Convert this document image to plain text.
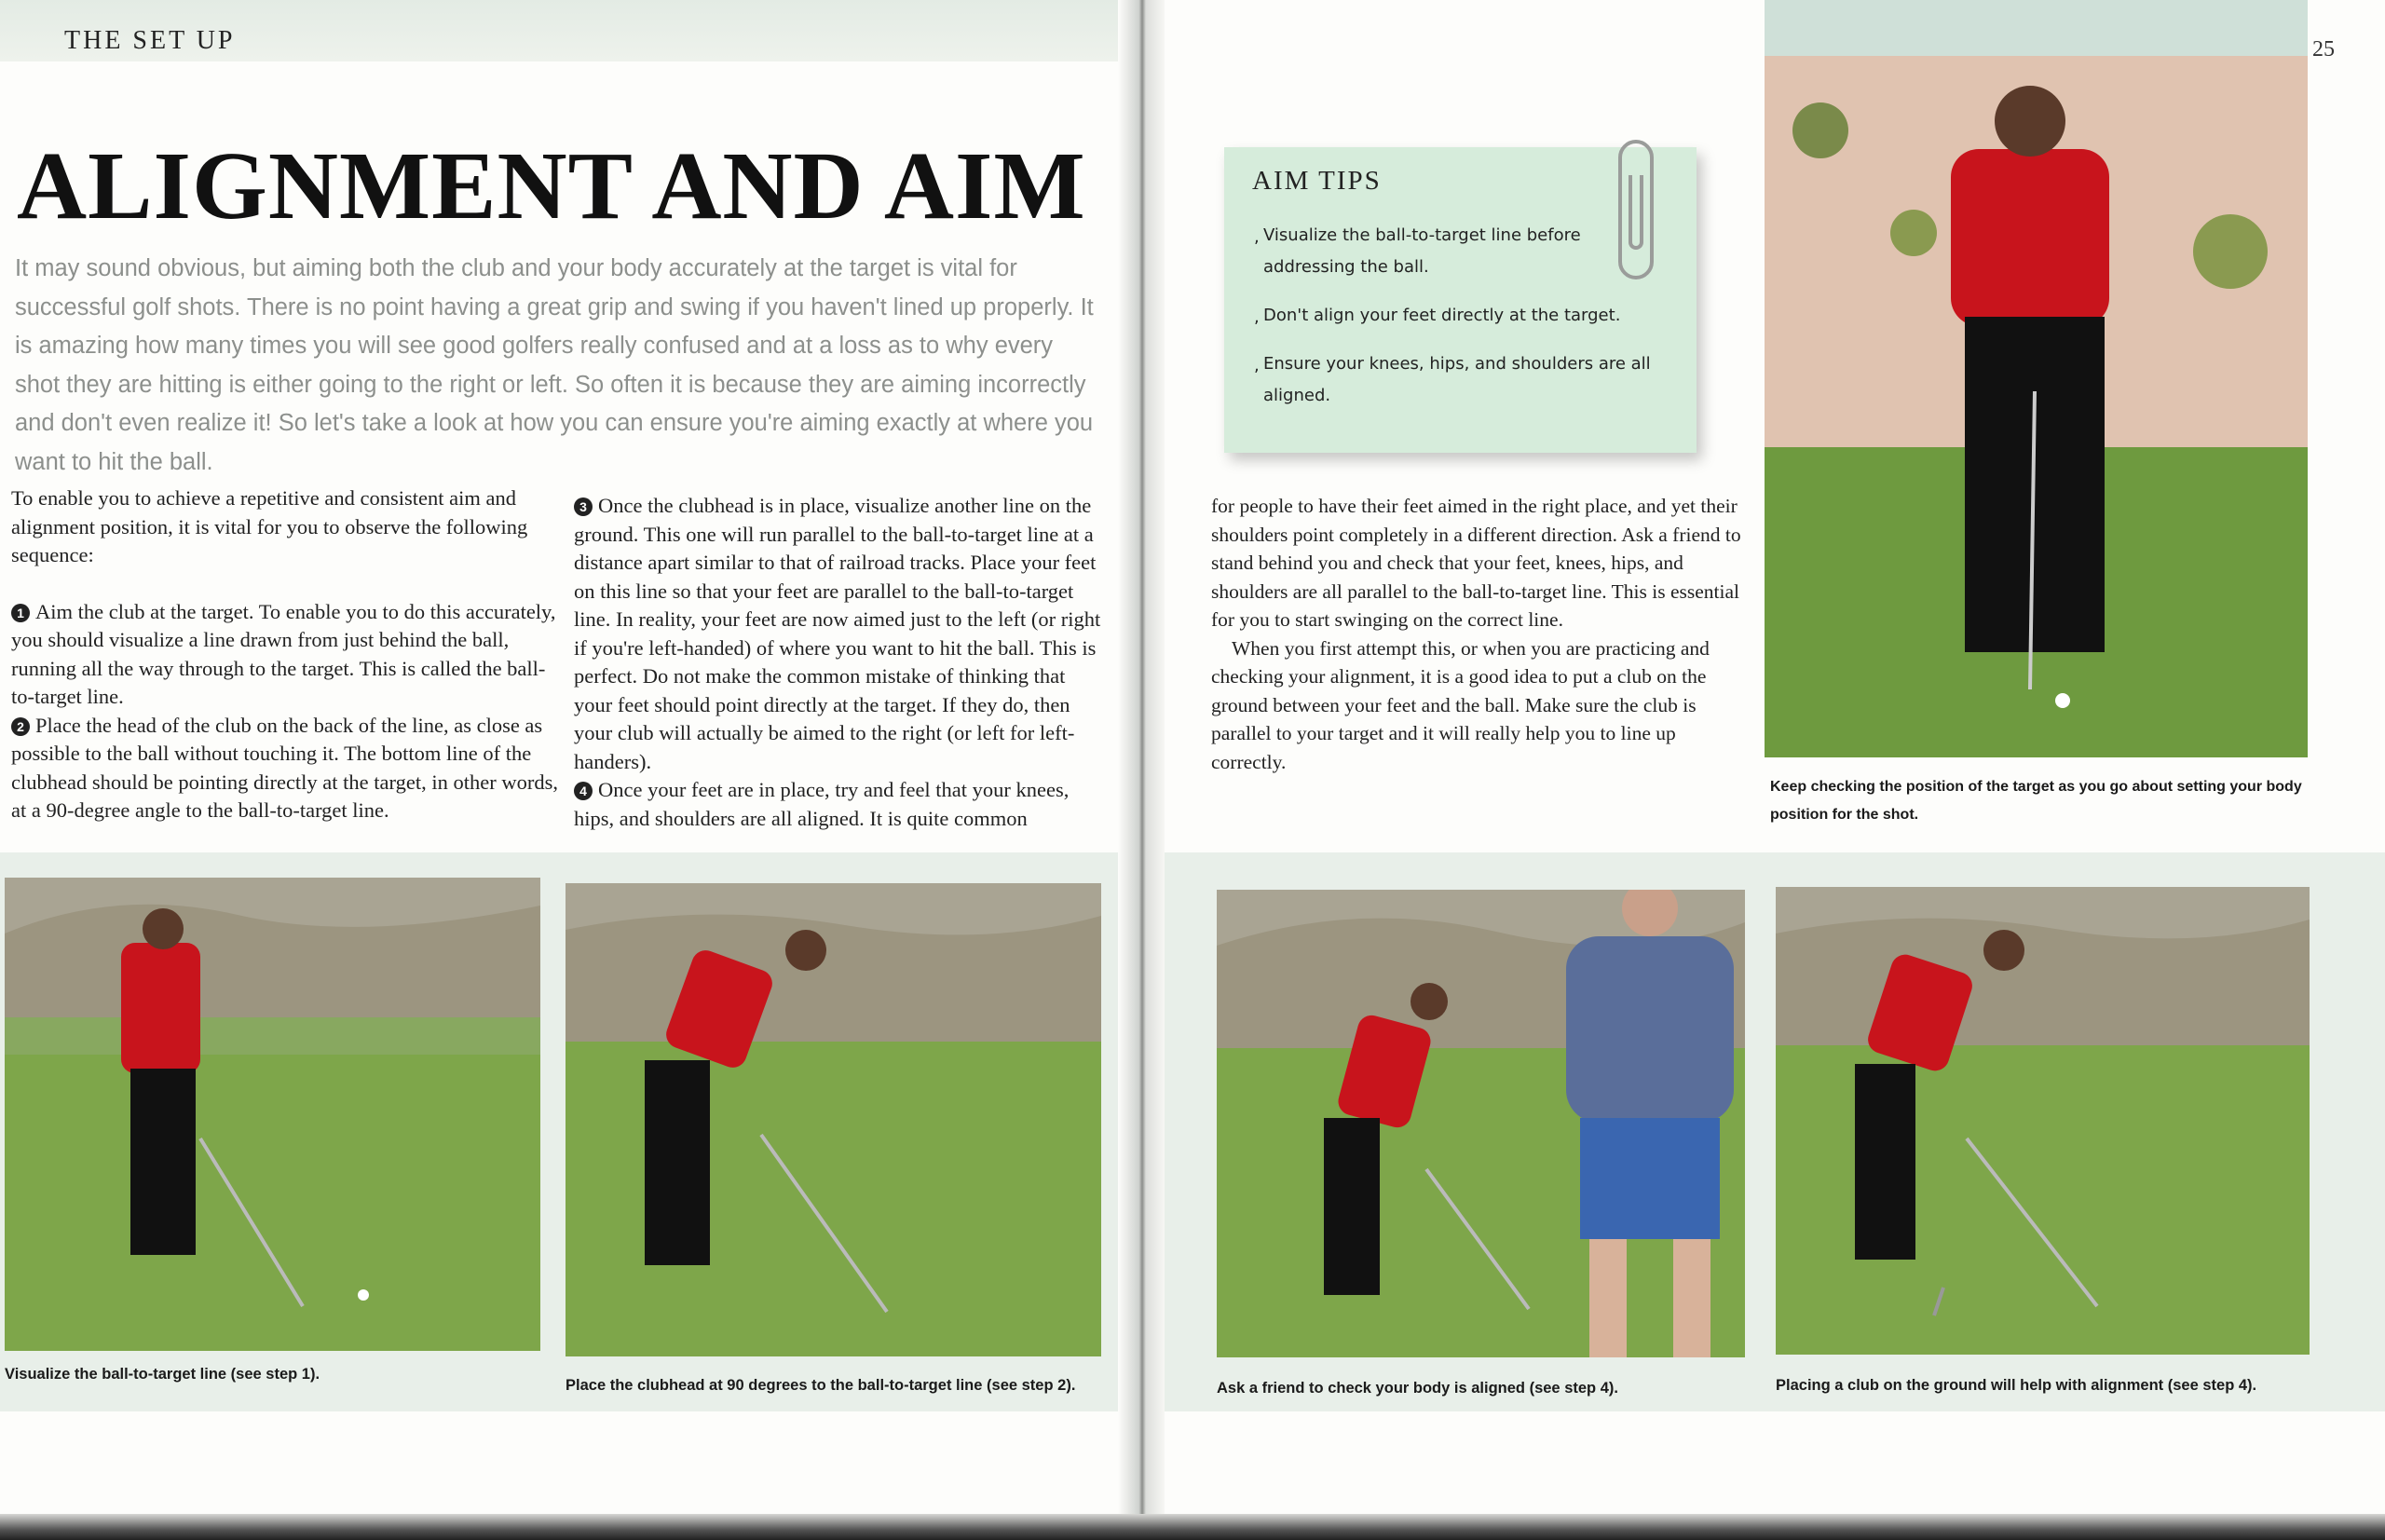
THE SET UP
ALIGNMENT AND AIM

It may sound obvious, but aiming both the club and your body accurately at the target is vital for successful golf shots. There is no point having a great grip and swing if you haven't lined up properly. It is amazing how many times you will see good golfers really confused and at a loss as to why every shot they are hitting is either going to the right or left. So often it is because they are aiming incorrectly and don't even realize it! So let's take a look at how you can ensure you're aiming exactly at where you want to hit the ball.

To enable you to achieve a repetitive and consistent aim and alignment position, it is vital for you to observe the following sequence:

1 Aim the club at the target. To enable you to do this accurately, you should visualize a line drawn from just behind the ball, running all the way through to the target. This is called the ball-to-target line.

2 Place the head of the club on the back of the line, as close as possible to the ball without touching it. The bottom line of the clubhead should be pointing directly at the target, in other words, at a 90-degree angle to the ball-to-target line.

3 Once the clubhead is in place, visualize another line on the ground. This one will run parallel to the ball-to-target line at a distance apart similar to that of railroad tracks. Place your feet on this line so that your feet are parallel to the ball-to-target line. In reality, your feet are now aimed just to the left (or right if you're left-handed) of where you want to hit the ball. This is perfect. Do not make the common mistake of thinking that your feet should point directly at the target. If they do, then your club will actually be aimed to the right (or left for left-handers).

4 Once your feet are in place, try and feel that your knees, hips, and shoulders are all aligned. It is quite common

Visualize the ball-to-target line (see step 1).
Place the clubhead at 90 degrees to the ball-to-target line (see step 2).
25
AIM TIPS
, Visualize the ball-to-target line before addressing the ball.
, Don't align your feet directly at the target.
, Ensure your knees, hips, and shoulders are all aligned.

for people to have their feet aimed in the right place, and yet their shoulders point completely in a different direction. Ask a friend to stand behind you and check that your feet, knees, hips, and shoulders are all parallel to the ball-to-target line. This is essential for you to start swinging on the correct line.

When you first attempt this, or when you are practicing and checking your alignment, it is a good idea to put a club on the ground between your feet and the ball. Make sure the club is parallel to your target and it will really help you to line up correctly.

Keep checking the position of the target as you go about setting your body position for the shot.
Ask a friend to check your body is aligned (see step 4).	Placing a club on the ground will help with alignment (see step 4).
